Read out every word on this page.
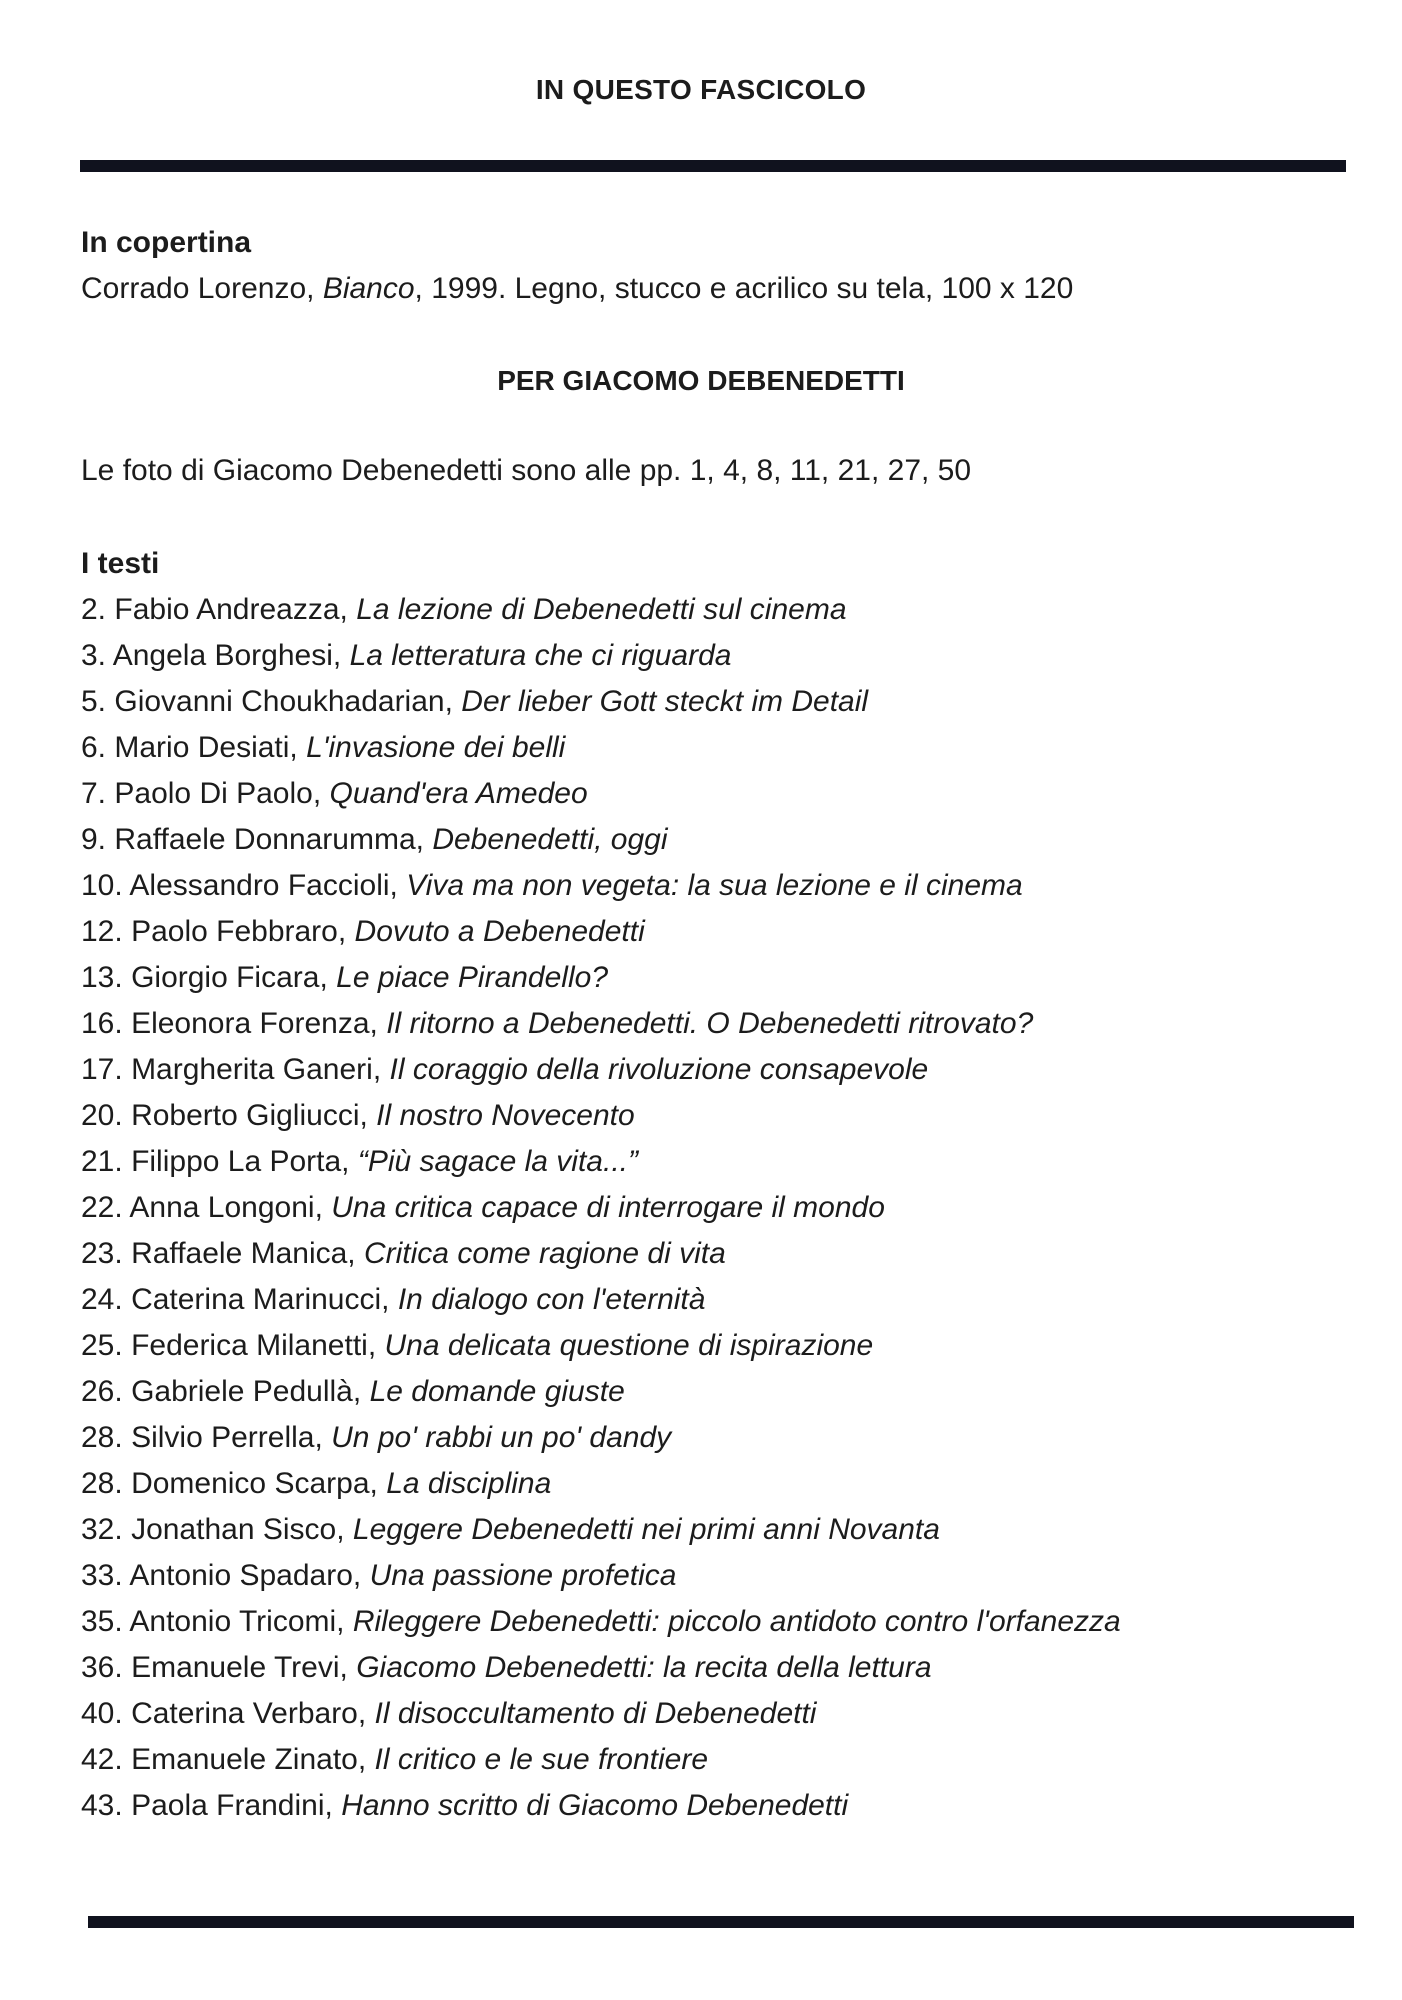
IN QUESTO FASCICOLO
In copertina
Corrado Lorenzo, Bianco, 1999. Legno, stucco e acrilico su tela, 100 x 120
PER GIACOMO DEBENEDETTI
Le foto di Giacomo Debenedetti sono alle pp. 1, 4, 8, 11, 21, 27, 50
I testi
2. Fabio Andreazza, La lezione di Debenedetti sul cinema
3. Angela Borghesi, La letteratura che ci riguarda
5. Giovanni Choukhadarian, Der lieber Gott steckt im Detail
6. Mario Desiati, L'invasione dei belli
7. Paolo Di Paolo, Quand'era Amedeo
9. Raffaele Donnarumma, Debenedetti, oggi
10. Alessandro Faccioli, Viva ma non vegeta: la sua lezione e il cinema
12. Paolo Febbraro, Dovuto a Debenedetti
13. Giorgio Ficara, Le piace Pirandello?
16. Eleonora Forenza, Il ritorno a Debenedetti. O Debenedetti ritrovato?
17. Margherita Ganeri, Il coraggio della rivoluzione consapevole
20. Roberto Gigliucci, Il nostro Novecento
21. Filippo La Porta, “Più sagace la vita...”
22. Anna Longoni, Una critica capace di interrogare il mondo
23. Raffaele Manica, Critica come ragione di vita
24. Caterina Marinucci, In dialogo con l'eternità
25. Federica Milanetti, Una delicata questione di ispirazione
26. Gabriele Pedullà, Le domande giuste
28. Silvio Perrella, Un po' rabbi un po' dandy
28. Domenico Scarpa, La disciplina
32. Jonathan Sisco, Leggere Debenedetti nei primi anni Novanta
33. Antonio Spadaro, Una passione profetica
35. Antonio Tricomi, Rileggere Debenedetti: piccolo antidoto contro l'orfanezza
36. Emanuele Trevi, Giacomo Debenedetti: la recita della lettura
40. Caterina Verbaro, Il disoccultamento di Debenedetti
42. Emanuele Zinato, Il critico e le sue frontiere
43. Paola Frandini, Hanno scritto di Giacomo Debenedetti
